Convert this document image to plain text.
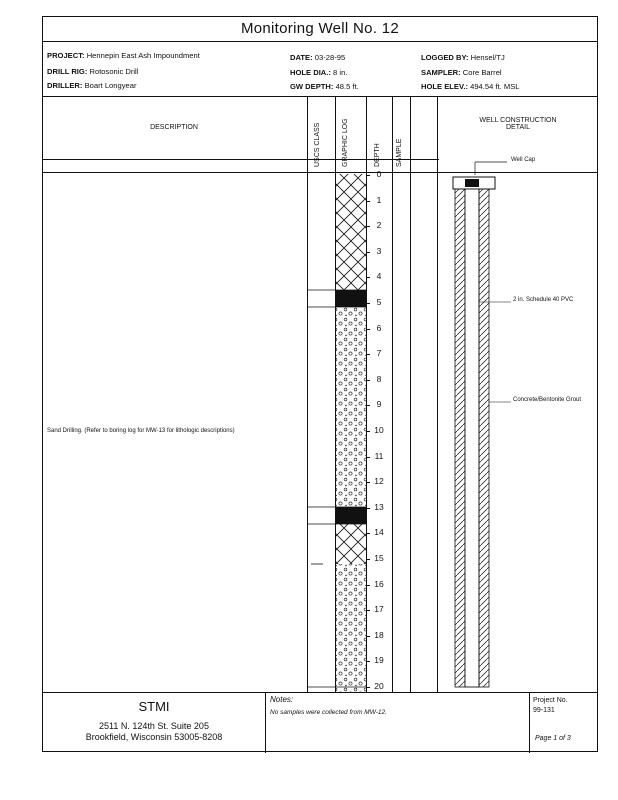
Monitoring Well No. 12
PROJECT: Hennepin East Ash Impoundment
DRILL RIG: Rotosonic Drill
DRILLER: Boart Longyear
DATE: 03-28-95
HOLE DIA.: 8 in.
GW DEPTH: 48.5 ft.
LOGGED BY: Hensel/TJ
SAMPLER: Core Barrel
HOLE ELEV.: 494.54 ft. MSL
DESCRIPTION	USCS CLASS	GRAPHIC LOG	DEPTH SAMPLE
WELL CONSTRUCTION
DETAIL
Sand Drilling. (Refer to boring log for MW-13 for lithologic descriptions)
0
1
2
3
4
5
6
7
8
9
10
11
12
13
14
15
16
17
18
19
20
Well Cap
2 in. Schedule 40 PVC
Concrete/Bentonite Grout
STMI
2511 N. 124th St. Suite 205
Brookfield, Wisconsin 53005-8208
Notes:
No samples were collected from MW-12.
Project No.
99-131
Page 1 of 3
